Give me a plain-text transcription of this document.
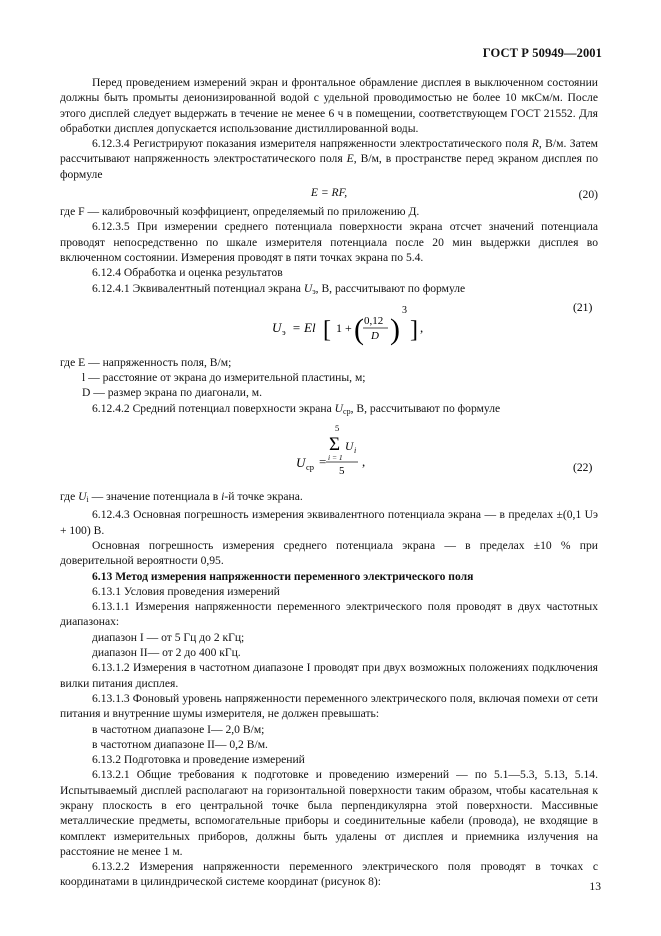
ГОСТ Р 50949—2001

Перед проведением измерений экран и фронтальное обрамление дисплея в выключенном состоянии должны быть промыты деионизированной водой с удельной проводимостью не более 10 мкСм/м. После этого дисплей следует выдержать в течение не менее 6 ч в помещении, соответствующем ГОСТ 21552. Для обработки дисплея допускается использование дистиллированной воды.

6.12.3.4 Регистрируют показания измерителя напряженности электростатического поля R, В/м. Затем рассчитывают напряженность электростатического поля E, В/м, в пространстве перед экраном дисплея по формуле

E = RF,	(20)

где F — калибровочный коэффициент, определяемый по приложению Д.

6.12.3.5 При измерении среднего потенциала поверхности экрана отсчет значений потенциала проводят непосредственно по шкале измерителя потенциала после 20 мин выдержки дисплея во включенном состоянии. Измерения проводят в пяти точках экрана по 5.4.

6.12.4 Обработка и оценка результатов

6.12.4.1 Эквивалентный потенциал экрана $U_э$, В, рассчитывают по формуле

U э = El [ 1 + ( 0,12
D )
3
] ,
(21)

где E — напряженность поля, В/м;

l — расстояние от экрана до измерительной пластины, м;

D — размер экрана по диагонали, м.

6.12.4.2 Средний потенциал поверхности экрана $U_{ср}$, В, рассчитывают по формуле

5
Σ U i
i = 1
5
U ср =	,	(22)

где $U_i$ — значение потенциала в i-й точке экрана.

6.12.4.3 Основная погрешность измерения эквивалентного потенциала экрана — в пределах ±(0,1 Uэ + 100) В.

Основная погрешность измерения среднего потенциала экрана — в пределах ±10 % при доверительной вероятности 0,95.

6.13 Метод измерения напряженности переменного электрического поля

6.13.1 Условия проведения измерений

6.13.1.1 Измерения напряженности переменного электрического поля проводят в двух частотных диапазонах:

диапазон I — от 5 Гц до 2 кГц;

диапазон II— от 2 до 400 кГц.

6.13.1.2 Измерения в частотном диапазоне I проводят при двух возможных положениях подключения вилки питания дисплея.

6.13.1.3 Фоновый уровень напряженности переменного электрического поля, включая помехи от сети питания и внутренние шумы измерителя, не должен превышать:

в частотном диапазоне I— 2,0 В/м;

в частотном диапазоне II— 0,2 В/м.

6.13.2 Подготовка и проведение измерений

6.13.2.1 Общие требования к подготовке и проведению измерений — по 5.1—5.3, 5.13, 5.14. Испытываемый дисплей располагают на горизонтальной поверхности таким образом, чтобы касательная к экрану плоскость в его центральной точке была перпендикулярна этой поверхности. Массивные металлические предметы, вспомогательные приборы и соединительные кабели (провода), не входящие в комплект измерительных приборов, должны быть удалены от дисплея и приемника излучения на расстояние не менее 1 м.

6.13.2.2 Измерения напряженности переменного электрического поля проводят в точках с координатами в цилиндрической системе координат (рисунок 8):	13
